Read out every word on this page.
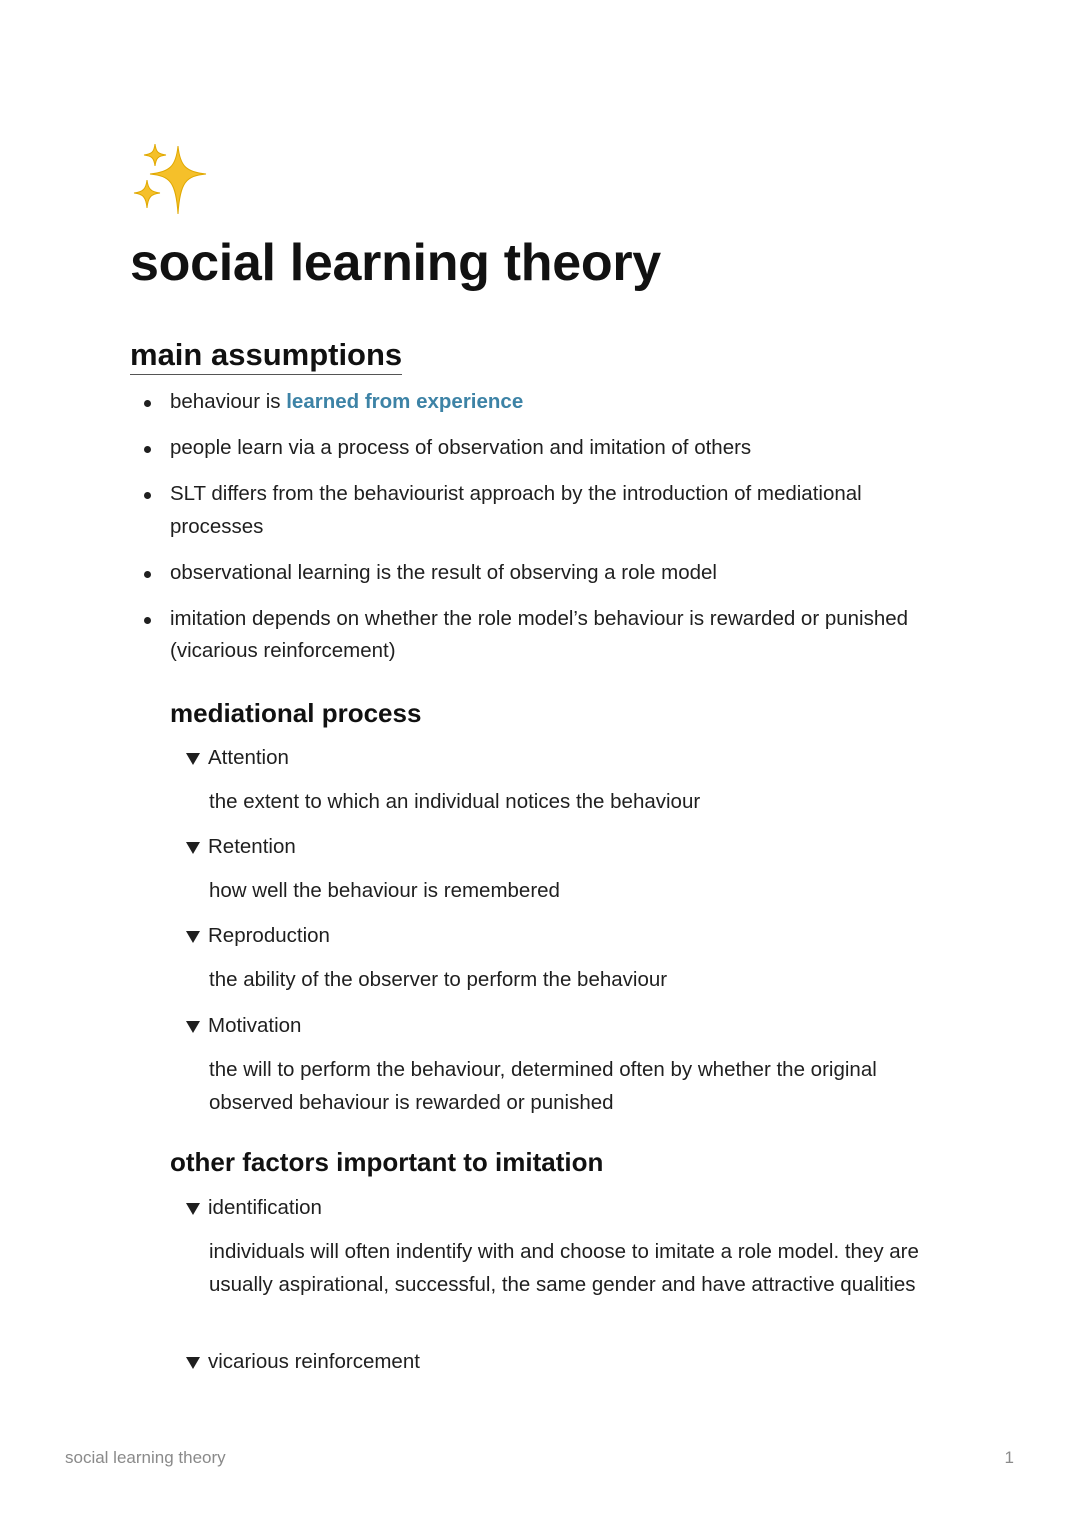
social learning theory
main assumptions
behaviour is learned from experience
people learn via a process of observation and imitation of others
SLT differs from the behaviourist approach by the introduction of mediational processes
observational learning is the result of observing a role model
imitation depends on whether the role model’s behaviour is rewarded or punished (vicarious reinforcement)
mediational process
Attention
the extent to which an individual notices the behaviour
Retention
how well the behaviour is remembered
Reproduction
the ability of the observer to perform the behaviour
Motivation
the will to perform the behaviour, determined often by whether the original observed behaviour is rewarded or punished
other factors important to imitation
identification
individuals will often indentify with and choose to imitate a role model. they are usually aspirational, successful, the same gender and have attractive qualities
vicarious reinforcement
social learning theory	1
